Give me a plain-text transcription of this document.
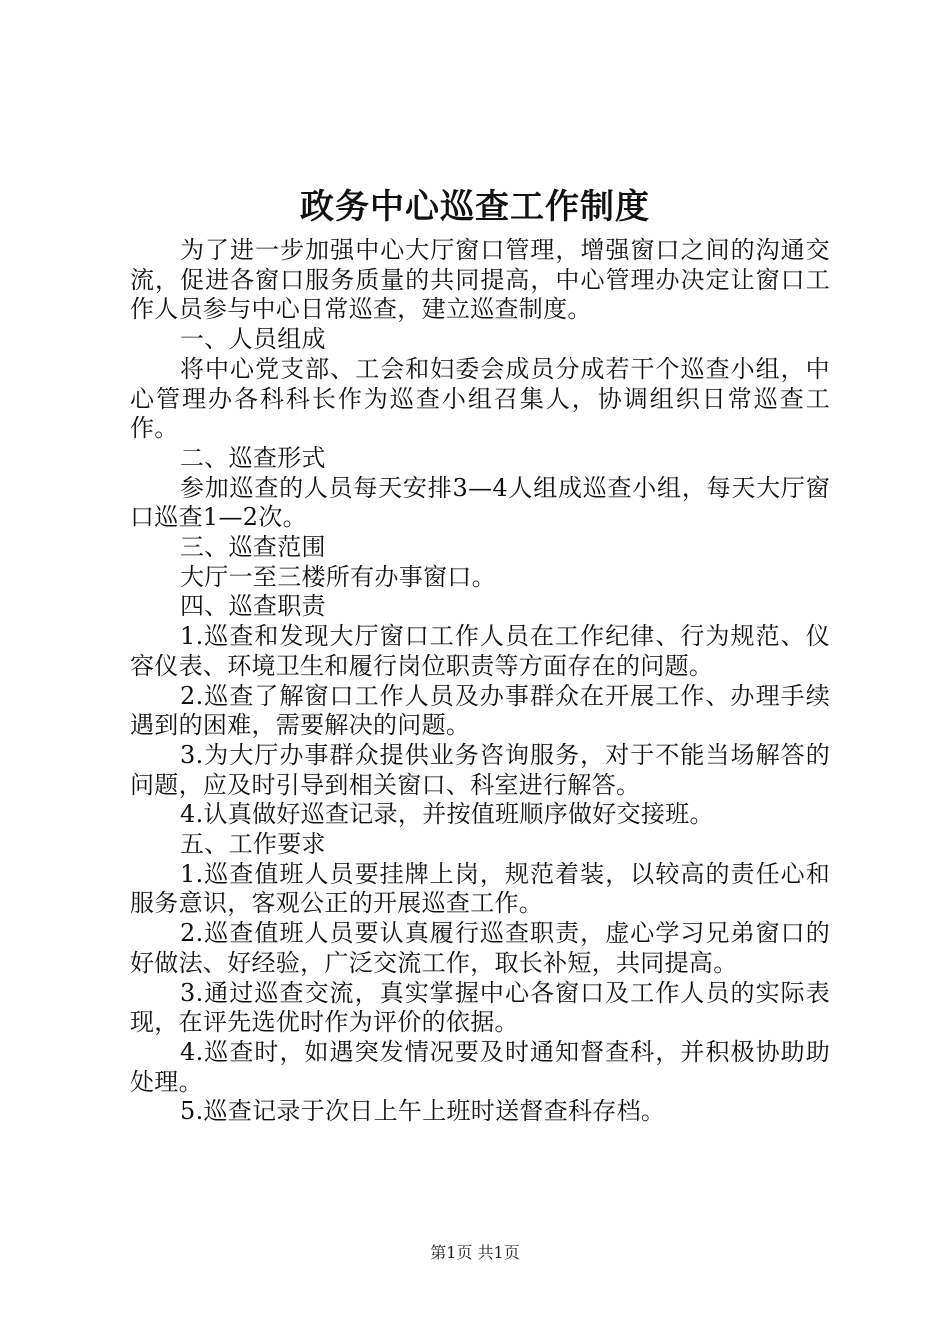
政务中心巡查工作制度

为了进一步加强中心大厅窗口管理，增强窗口之间的沟通交流，促进各窗口服务质量的共同提高，中心管理办决定让窗口工作人员参与中心日常巡查，建立巡查制度。

一、人员组成

将中心党支部、工会和妇委会成员分成若干个巡查小组，中心管理办各科科长作为巡查小组召集人，协调组织日常巡查工作。

二、巡查形式

参加巡查的人员每天安排3—4人组成巡查小组，每天大厅窗口巡查1—2次。

三、巡查范围

大厅一至三楼所有办事窗口。

四、巡查职责

1.巡查和发现大厅窗口工作人员在工作纪律、行为规范、仪容仪表、环境卫生和履行岗位职责等方面存在的问题。

2.巡查了解窗口工作人员及办事群众在开展工作、办理手续遇到的困难，需要解决的问题。

3.为大厅办事群众提供业务咨询服务，对于不能当场解答的问题，应及时引导到相关窗口、科室进行解答。

4.认真做好巡查记录，并按值班顺序做好交接班。

五、工作要求

1.巡查值班人员要挂牌上岗，规范着装，以较高的责任心和服务意识，客观公正的开展巡查工作。

2.巡查值班人员要认真履行巡查职责，虚心学习兄弟窗口的好做法、好经验，广泛交流工作，取长补短，共同提高。

3.通过巡查交流，真实掌握中心各窗口及工作人员的实际表现，在评先选优时作为评价的依据。

4.巡查时，如遇突发情况要及时通知督查科，并积极协助助处理。

5.巡查记录于次日上午上班时送督查科存档。

第1页 共1页
